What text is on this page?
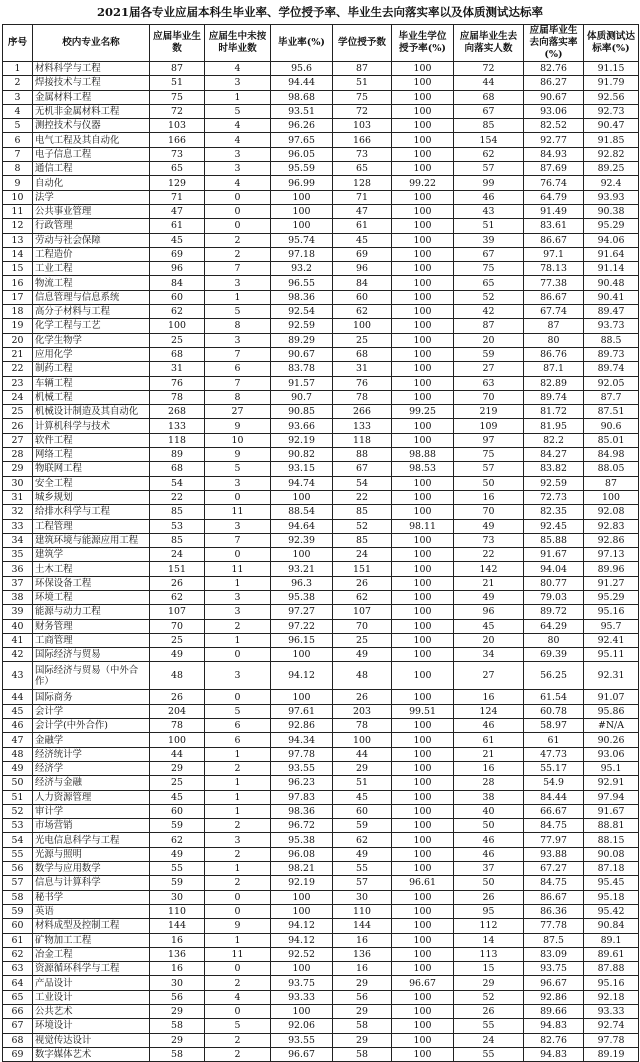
2021届各专业应届本科生毕业率、学位授予率、毕业生去向落实率以及体质测试达标率
序号	校内专业名称	应届毕业生数	应届生中未按时毕业数	毕业率(%)	学位授予数	毕业生学位授予率(%)	应届毕业生去向落实人数	应届毕业生去向落实率(%)	体质测试达标率(%)
1	材料科学与工程	87	4	95.6	87	100	72	82.76	91.15
2	焊接技术与工程	51	3	94.44	51	100	44	86.27	91.79
3	金属材料工程	75	1	98.68	75	100	68	90.67	92.56
4	无机非金属材料工程	72	5	93.51	72	100	67	93.06	92.73
5	测控技术与仪器	103	4	96.26	103	100	85	82.52	90.47
6	电气工程及其自动化	166	4	97.65	166	100	154	92.77	91.85
7	电子信息工程	73	3	96.05	73	100	62	84.93	92.82
8	通信工程	65	3	95.59	65	100	57	87.69	89.25
9	自动化	129	4	96.99	128	99.22	99	76.74	92.4
10	法学	71	0	100	71	100	46	64.79	93.93
11	公共事业管理	47	0	100	47	100	43	91.49	90.38
12	行政管理	61	0	100	61	100	51	83.61	95.29
13	劳动与社会保障	45	2	95.74	45	100	39	86.67	94.06
14	工程造价	69	2	97.18	69	100	67	97.1	91.64
15	工业工程	96	7	93.2	96	100	75	78.13	91.14
16	物流工程	84	3	96.55	84	100	65	77.38	90.48
17	信息管理与信息系统	60	1	98.36	60	100	52	86.67	90.41
18	高分子材料与工程	62	5	92.54	62	100	42	67.74	89.47
19	化学工程与工艺	100	8	92.59	100	100	87	87	93.73
20	化学生物学	25	3	89.29	25	100	20	80	88.5
21	应用化学	68	7	90.67	68	100	59	86.76	89.73
22	制药工程	31	6	83.78	31	100	27	87.1	89.74
23	车辆工程	76	7	91.57	76	100	63	82.89	92.05
24	机械工程	78	8	90.7	78	100	70	89.74	87.7
25	机械设计制造及其自动化	268	27	90.85	266	99.25	219	81.72	87.51
26	计算机科学与技术	133	9	93.66	133	100	109	81.95	90.6
27	软件工程	118	10	92.19	118	100	97	82.2	85.01
28	网络工程	89	9	90.82	88	98.88	75	84.27	84.98
29	物联网工程	68	5	93.15	67	98.53	57	83.82	88.05
30	安全工程	54	3	94.74	54	100	50	92.59	87
31	城乡规划	22	0	100	22	100	16	72.73	100
32	给排水科学与工程	85	11	88.54	85	100	70	82.35	92.08
33	工程管理	53	3	94.64	52	98.11	49	92.45	92.83
34	建筑环境与能源应用工程	85	7	92.39	85	100	73	85.88	92.86
35	建筑学	24	0	100	24	100	22	91.67	97.13
36	土木工程	151	11	93.21	151	100	142	94.04	89.96
37	环保设备工程	26	1	96.3	26	100	21	80.77	91.27
38	环境工程	62	3	95.38	62	100	49	79.03	95.29
39	能源与动力工程	107	3	97.27	107	100	96	89.72	95.16
40	财务管理	70	2	97.22	70	100	45	64.29	95.7
41	工商管理	25	1	96.15	25	100	20	80	92.41
42	国际经济与贸易	49	0	100	49	100	34	69.39	95.11
43	国际经济与贸易（中外合作）	48	3	94.12	48	100	27	56.25	92.31
44	国际商务	26	0	100	26	100	16	61.54	91.07
45	会计学	204	5	97.61	203	99.51	124	60.78	95.86
46	会计学(中外合作)	78	6	92.86	78	100	46	58.97	#N/A
47	金融学	100	6	94.34	100	100	61	61	90.26
48	经济统计学	44	1	97.78	44	100	21	47.73	93.06
49	经济学	29	2	93.55	29	100	16	55.17	95.1
50	经济与金融	25	1	96.23	51	100	28	54.9	92.91
51	人力资源管理	45	1	97.83	45	100	38	84.44	97.94
52	审计学	60	1	98.36	60	100	40	66.67	91.67
53	市场营销	59	2	96.72	59	100	50	84.75	88.81
54	光电信息科学与工程	62	3	95.38	62	100	46	77.97	88.15
55	光源与照明	49	2	96.08	49	100	46	93.88	90.08
56	数学与应用数学	55	1	98.21	55	100	37	67.27	87.18
57	信息与计算科学	59	2	92.19	57	96.61	50	84.75	95.45
58	秘书学	30	0	100	30	100	26	86.67	95.18
59	英语	110	0	100	110	100	95	86.36	95.42
60	材料成型及控制工程	144	9	94.12	144	100	112	77.78	90.84
61	矿物加工工程	16	1	94.12	16	100	14	87.5	89.1
62	冶金工程	136	11	92.52	136	100	113	83.09	89.61
63	资源循环科学与工程	16	0	100	16	100	15	93.75	87.88
64	产品设计	30	2	93.75	29	96.67	29	96.67	95.16
65	工业设计	56	4	93.33	56	100	52	92.86	92.18
66	公共艺术	29	0	100	29	100	26	89.66	93.33
67	环境设计	58	5	92.06	58	100	55	94.83	92.74
68	视觉传达设计	29	2	93.55	29	100	24	82.76	97.78
69	数字媒体艺术	58	2	96.67	58	100	55	94.83	89.19
